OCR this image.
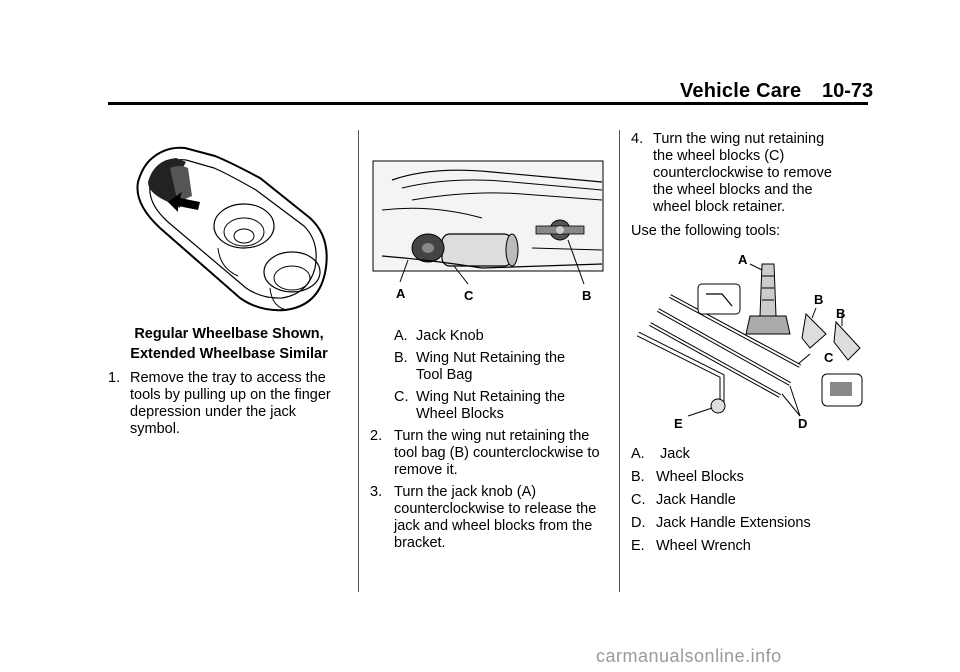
Vehicle Care 10-73
Regular Wheelbase Shown,
Extended Wheelbase Similar
1. Remove the tray to access the
tools by pulling up on the finger
depression under the jack
symbol.
A	C	B
A. Jack Knob
B. Wing Nut Retaining the
Tool Bag
C. Wing Nut Retaining the
Wheel Blocks
2. Turn the wing nut retaining the
tool bag (B) counterclockwise to
remove it.
3. Turn the jack knob (A)
counterclockwise to release the
jack and wheel blocks from the
bracket.
4. Turn the wing nut retaining
the wheel blocks (C)
counterclockwise to remove
the wheel blocks and the
wheel block retainer.
Use the following tools:
A
B
B
C
D
E
A. Jack
B. Wheel Blocks
C. Jack Handle
D. Jack Handle Extensions
E. Wheel Wrench
carmanualsonline.info
